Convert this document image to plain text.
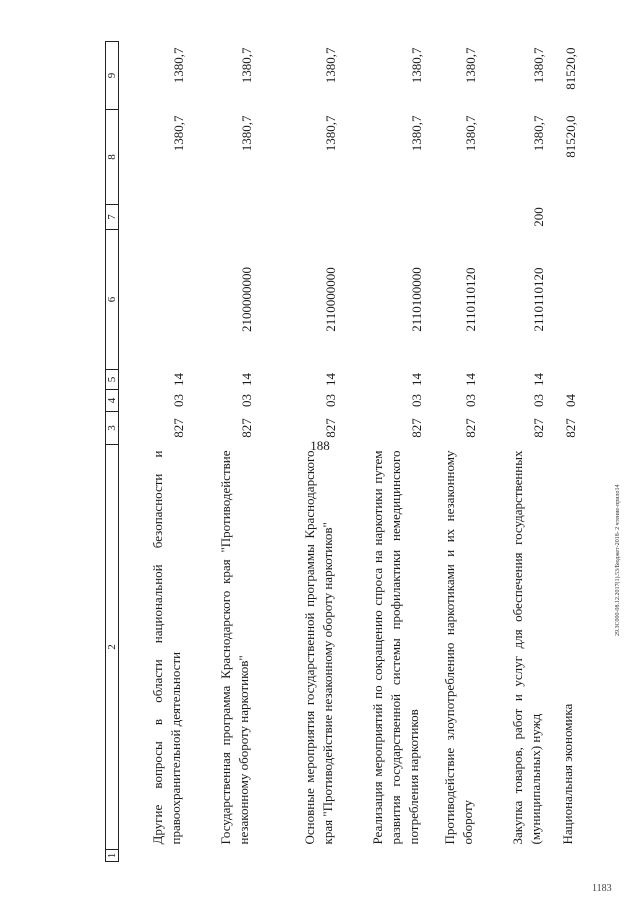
188
29.3C000-08.12.2017(1).53/Бюджет-2018- 2 чтение-прило14
1183
1	2	3	4	5	6	7	8	9
	Другие вопросы в области национальной безопасности и правоохранительной деятельности	827	03	14			1380,7	1380,7
	Государственная программа Краснодарского края "Противодействие незаконному обороту наркотиков"	827	03	14	2100000000		1380,7	1380,7
	Основные мероприятия государственной программы Краснодарского края "Противодействие незаконному обороту наркотиков"	827	03	14	2110000000		1380,7	1380,7
	Реализация мероприятий по сокращению спроса на наркотики путем развития государственной системы профилактики немедицинского потребления наркотиков	827	03	14	2110100000		1380,7	1380,7
	Противодействие злоупотреблению наркотиками и их незаконному обороту	827	03	14	2110110120		1380,7	1380,7
	Закупка товаров, работ и услуг для обеспечения государственных (муниципальных) нужд	827	03	14	2110110120	200	1380,7	1380,7
	Национальная экономика	827	04				81520,0	81520,0
